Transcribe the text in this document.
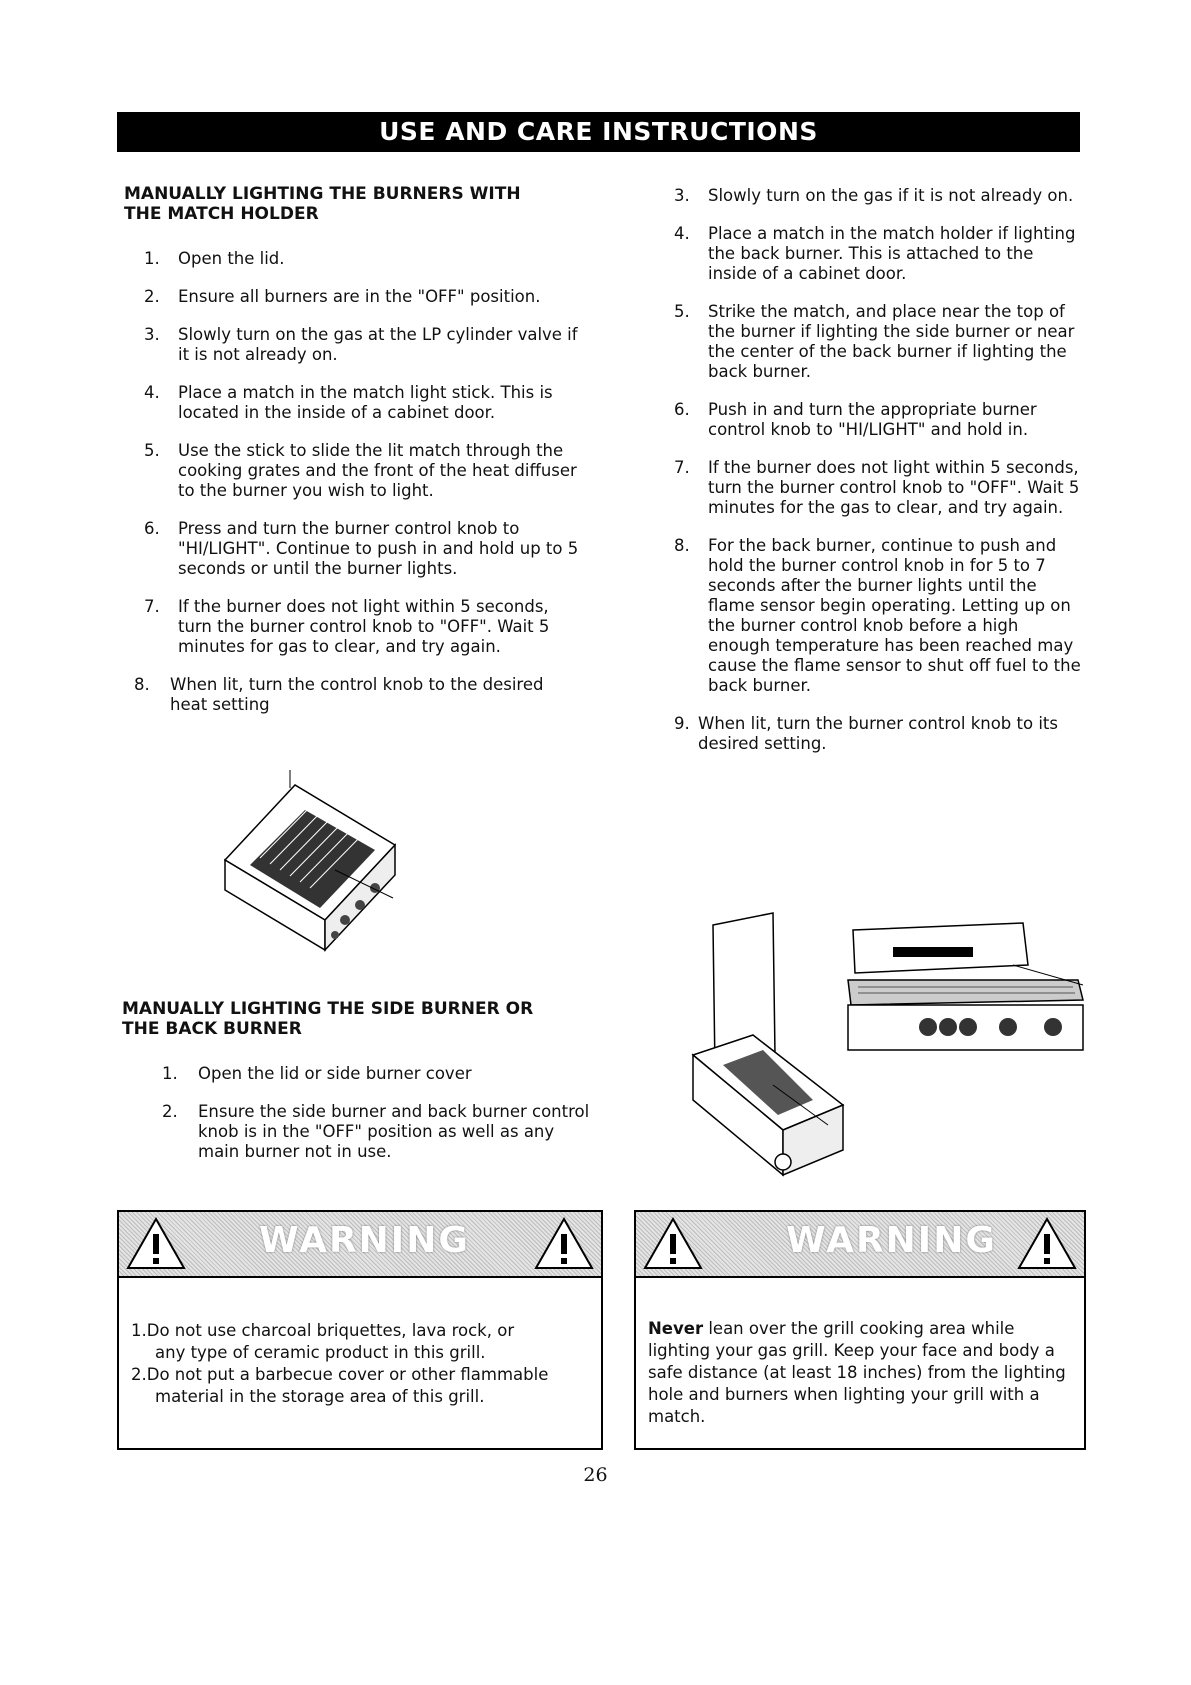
USE AND CARE INSTRUCTIONS

MANUALLY LIGHTING THE BURNERS WITH THE MATCH HOLDER

1. Open the lid.
2. Ensure all burners are in the "OFF" position.
3. Slowly turn on the gas at the LP cylinder valve if it is not already on.
4. Place a match in the match light stick. This is located in the inside of a cabinet door.
5. Use the stick to slide the lit match through the cooking grates and the front of the heat diffuser to the burner you wish to light.
6. Press and turn the burner control knob to "HI/LIGHT". Continue to push in and hold up to 5 seconds or until the burner lights.
7. If the burner does not light within 5 seconds, turn the burner control knob to "OFF". Wait 5 minutes for gas to clear, and try again.
8. When lit, turn the control knob to the desired heat setting

MANUALLY LIGHTING THE SIDE BURNER OR THE BACK BURNER

1. Open the lid or side burner cover
2. Ensure the side burner and back burner control knob is in the "OFF" position as well as any main burner not in use.
3. Slowly turn on the gas if it is not already on.
4. Place a match in the match holder if lighting the back burner. This is attached to the inside of a cabinet door.
5. Strike the match, and place near the top of the burner if lighting the side burner or near the center of the back burner if lighting the back burner.
6. Push in and turn the appropriate burner control knob to "HI/LIGHT" and hold in.
7. If the burner does not light within 5 seconds, turn the burner control knob to "OFF". Wait 5 minutes for the gas to clear, and try again.
8. For the back burner, continue to push and hold the burner control knob in for 5 to 7 seconds after the burner lights until the flame sensor begin operating. Letting up on the burner control knob before a high enough temperature has been reached may cause the flame sensor to shut off fuel to the back burner.
9. When lit, turn the burner control knob to its desired setting.
WARNING
1.Do not use charcoal briquettes, lava rock, or
any type of ceramic product in this grill.
2.Do not put a barbecue cover or other flammable
material in the storage area of this grill.
WARNING
Never lean over the grill cooking area while lighting your gas grill. Keep your face and body a safe distance (at least 18 inches) from the lighting hole and burners when lighting your grill with a match.
26
